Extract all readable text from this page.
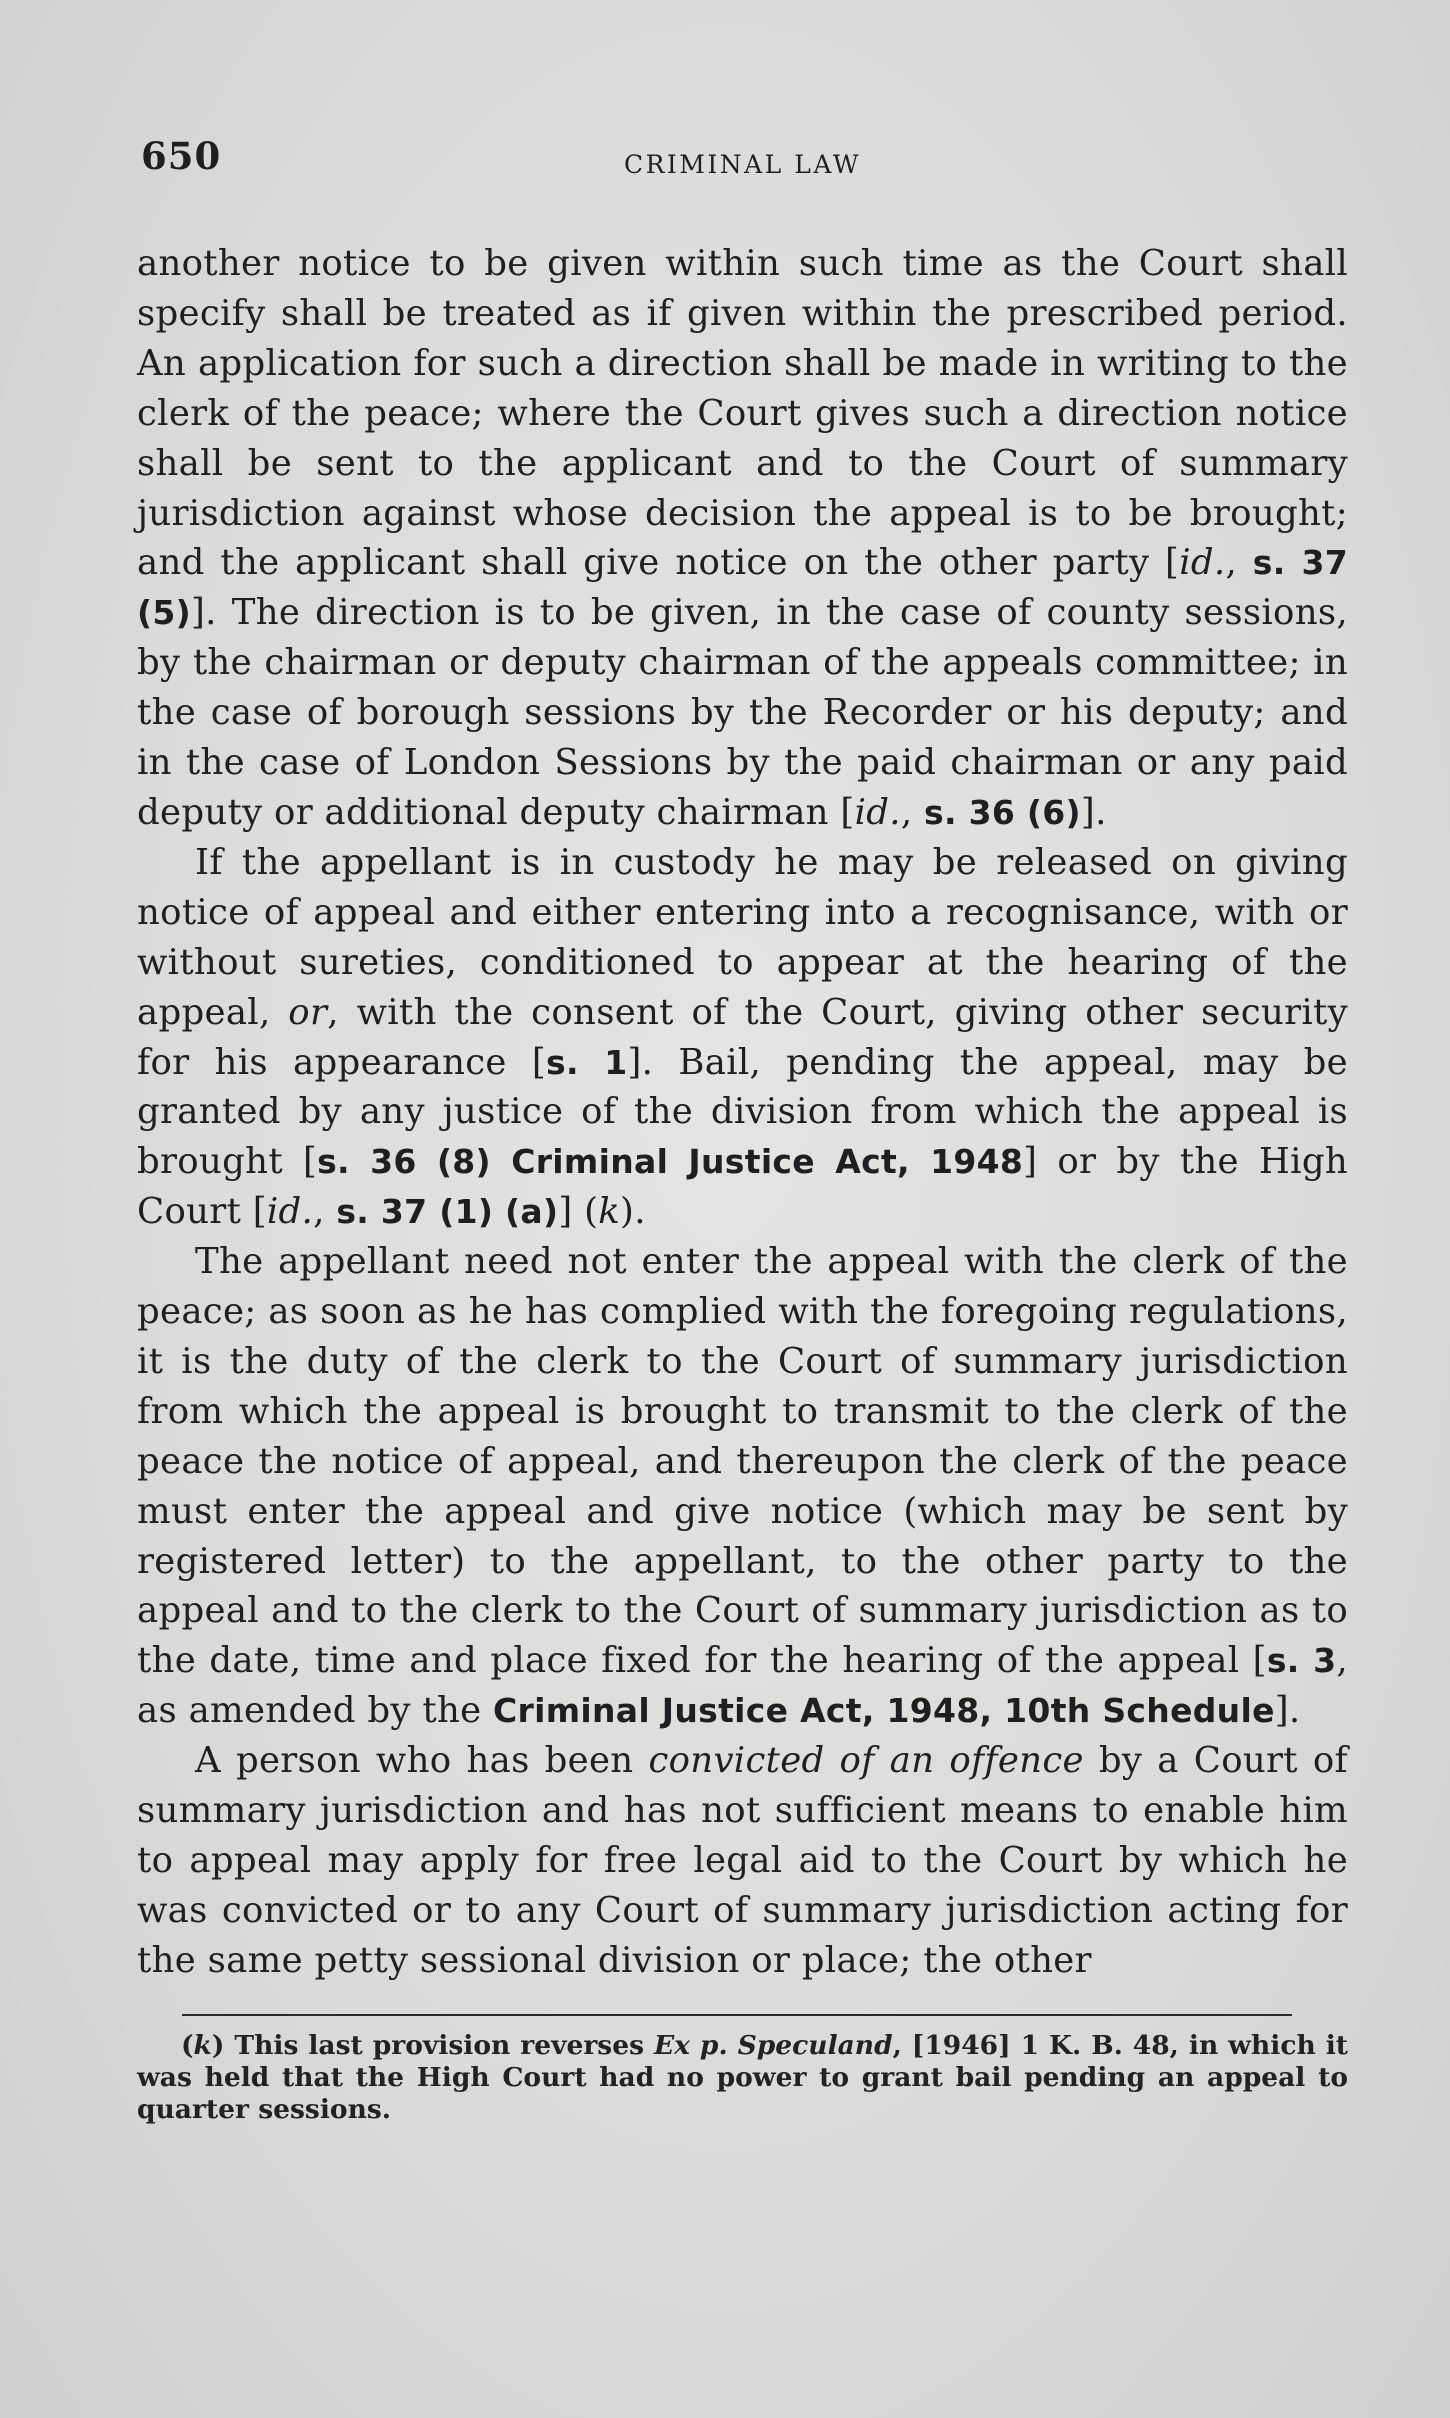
650	CRIMINAL LAW

another notice to be given within such time as the Court shall specify shall be treated as if given within the prescribed period. An application for such a direction shall be made in writing to the clerk of the peace; where the Court gives such a direction notice shall be sent to the applicant and to the Court of summary jurisdiction against whose decision the appeal is to be brought; and the applicant shall give notice on the other party [id., s. 37 (5)]. The direction is to be given, in the case of county sessions, by the chairman or deputy chairman of the appeals committee; in the case of borough sessions by the Recorder or his deputy; and in the case of London Sessions by the paid chairman or any paid deputy or additional deputy chairman [id., s. 36 (6)].

If the appellant is in custody he may be released on giving notice of appeal and either entering into a recognisance, with or without sureties, conditioned to appear at the hearing of the appeal, or, with the consent of the Court, giving other security for his appearance [s. 1]. Bail, pending the appeal, may be granted by any justice of the division from which the appeal is brought [s. 36 (8) Criminal Justice Act, 1948] or by the High Court [id., s. 37 (1) (a)] (k).

The appellant need not enter the appeal with the clerk of the peace; as soon as he has complied with the foregoing regulations, it is the duty of the clerk to the Court of summary jurisdiction from which the appeal is brought to transmit to the clerk of the peace the notice of appeal, and thereupon the clerk of the peace must enter the appeal and give notice (which may be sent by registered letter) to the appellant, to the other party to the appeal and to the clerk to the Court of summary jurisdiction as to the date, time and place fixed for the hearing of the appeal [s. 3, as amended by the Criminal Justice Act, 1948, 10th Schedule].

A person who has been convicted of an offence by a Court of summary jurisdiction and has not sufficient means to enable him to appeal may apply for free legal aid to the Court by which he was convicted or to any Court of summary jurisdiction acting for the same petty sessional division or place; the other

(k) This last provision reverses Ex p. Speculand, [1946] 1 K. B. 48, in which it was held that the High Court had no power to grant bail pending an appeal to quarter sessions.
